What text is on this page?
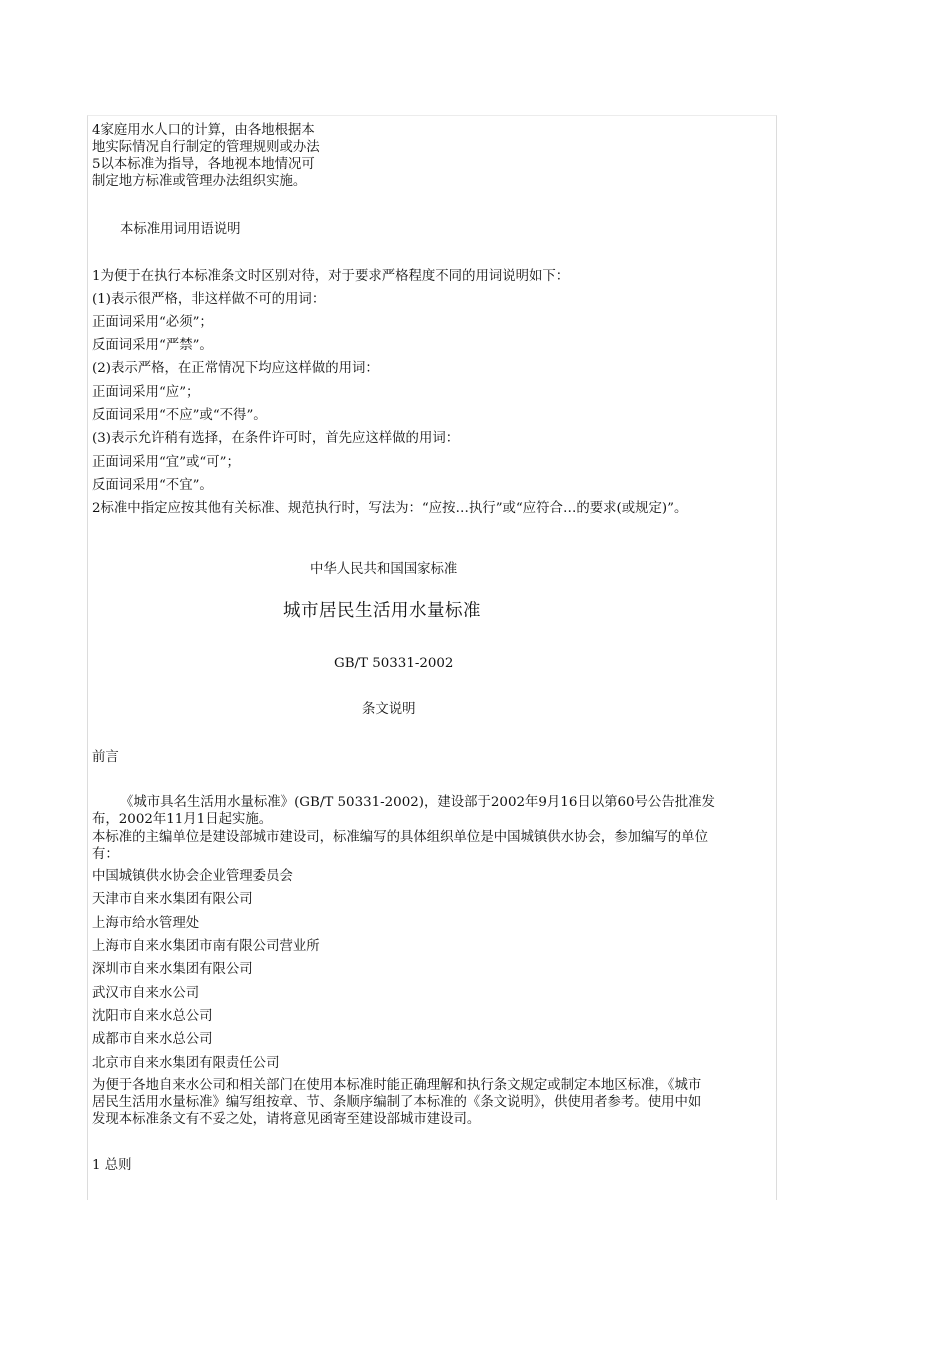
4家庭用水人口的计算，由各地根据本
地实际情况自行制定的管理规则或办法
5以本标准为指导，各地视本地情况可
制定地方标准或管理办法组织实施。
本标准用词用语说明
1为便于在执行本标准条文时区别对待，对于要求严格程度不同的用词说明如下：
(1)表示很严格，非这样做不可的用词：
正面词采用“必须”；
反面词采用“严禁”。
(2)表示严格，在正常情况下均应这样做的用词：
正面词采用“应”；
反面词采用“不应”或“不得”。
(3)表示允许稍有选择，在条件许可时，首先应这样做的用词：
正面词采用“宜”或“可”；
反面词采用“不宜”。
2标准中指定应按其他有关标准、规范执行时，写法为：“应按…执行”或“应符合…的要求(或规定)”。
中华人民共和国国家标准
城市居民生活用水量标准
GB/T 50331-2002
条文说明
前言
《城市具名生活用水量标准》(GB/T 50331-2002)，建设部于2002年9月16日以第60号公告批准发布，2002年11月1日起实施。
本标准的主编单位是建设部城市建设司，标准编写的具体组织单位是中国城镇供水协会，参加编写的单位有：
中国城镇供水协会企业管理委员会
天津市自来水集团有限公司
上海市给水管理处
上海市自来水集团市南有限公司营业所
深圳市自来水集团有限公司
武汉市自来水公司
沈阳市自来水总公司
成都市自来水总公司
北京市自来水集团有限责任公司
为便于各地自来水公司和相关部门在使用本标准时能正确理解和执行条文规定或制定本地区标准，《城市居民生活用水量标准》编写组按章、节、条顺序编制了本标准的《条文说明》，供使用者参考。使用中如发现本标准条文有不妥之处，请将意见函寄至建设部城市建设司。
1 总则
